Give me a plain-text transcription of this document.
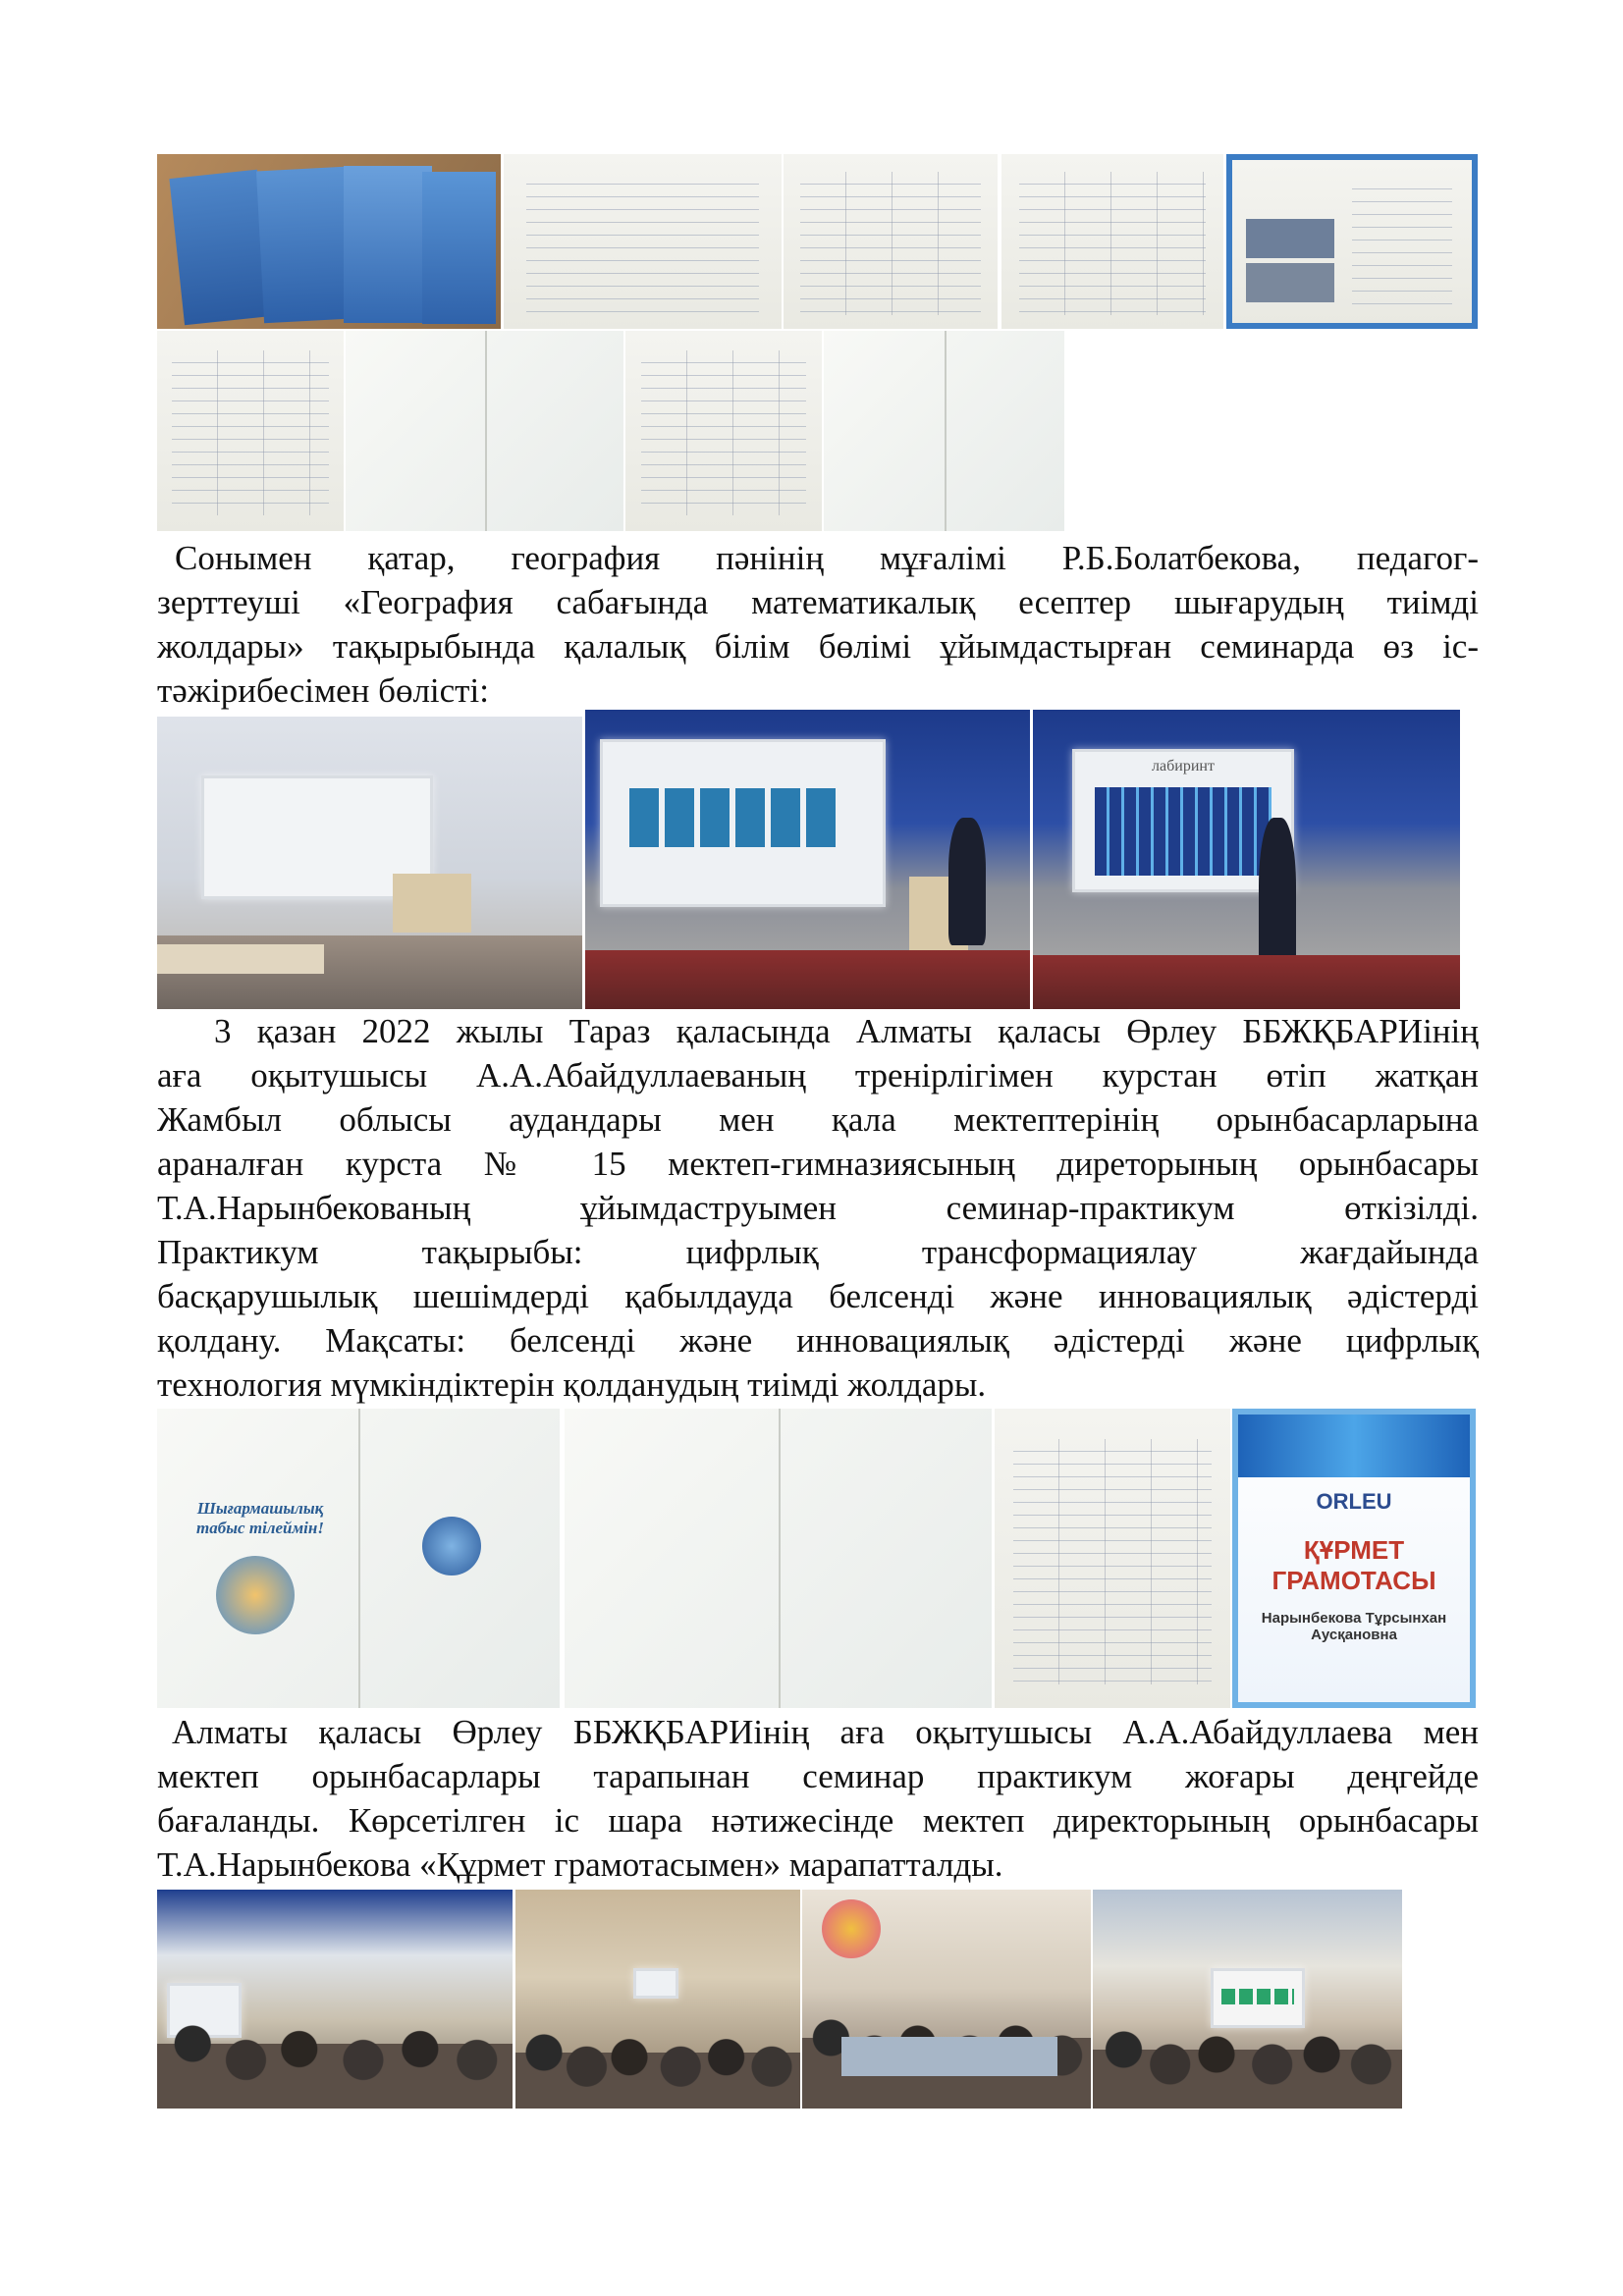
Сонымен қатар, география пәнінің мұғалімі Р.Б.Болатбекова, педагог-
зерттеуші «География сабағында математикалық есептер шығарудың тиімді
жолдары» тақырыбында қалалық білім бөлімі ұйымдастырған семинарда өз іс-
тәжірибесімен бөлісті:

лабиринт

3 қазан 2022 жылы Тараз қаласында Алматы қаласы Өрлеу ББЖҚБАРИінің
аға оқытушысы А.А.Абайдуллаеваның тренірлігімен курстан өтіп жатқан
Жамбыл облысы аудандары мен қала мектептерінің орынбасарларына
араналған курста № 15 мектеп-гимназиясының диреторының орынбасары
Т.А.Нарынбекованың ұйымдаструымен семинар-практикум өткізілді.
Практикум тақырыбы: цифрлық трансформациялау жағдайында
басқарушылық шешімдерді қабылдауда белсенді және инновациялық әдістерді
қолдану. Мақсаты: белсенді және инновациялық әдістерді және цифрлық
технология мүмкіндіктерін қолданудың тиімді жолдары.

Шығармашылық табыс тілеймін!
ORLEU
ҚҰРМЕТ ГРАМОТАСЫ
Нарынбекова Тұрсынхан Аусқановна

Алматы қаласы Өрлеу ББЖҚБАРИінің аға оқытушысы А.А.Абайдуллаева мен
мектеп орынбасарлары тарапынан семинар практикум жоғары деңгейде
бағаланды. Көрсетілген іс шара нәтижесінде мектеп директорының орынбасары
Т.А.Нарынбекова «Құрмет грамотасымен» марапатталды.
